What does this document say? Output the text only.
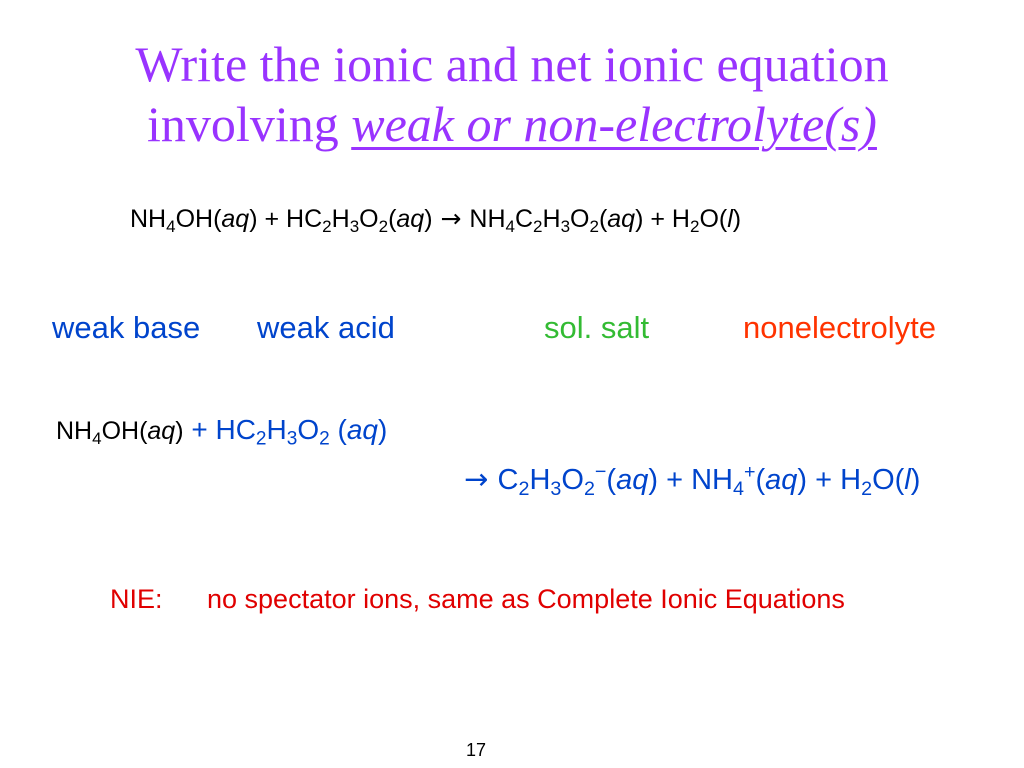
Write the ionic and net ionic equation
involving weak or non-electrolyte(s)
$NH_4OH(aq) + HC_2H_3O_2(aq) \to NH_4C_2H_3O_2(aq) + H_2O(l)$
weak base weak acid	sol. salt	nonelectrolyte
$NH_4OH(aq) + HC_2H_3O_2$ (aq)
→ $C_2H_3O_2^-(aq) + NH_4^+(aq) + H_2O(l)$
NIE: no spectator ions, same as Complete Ionic Equations
17
